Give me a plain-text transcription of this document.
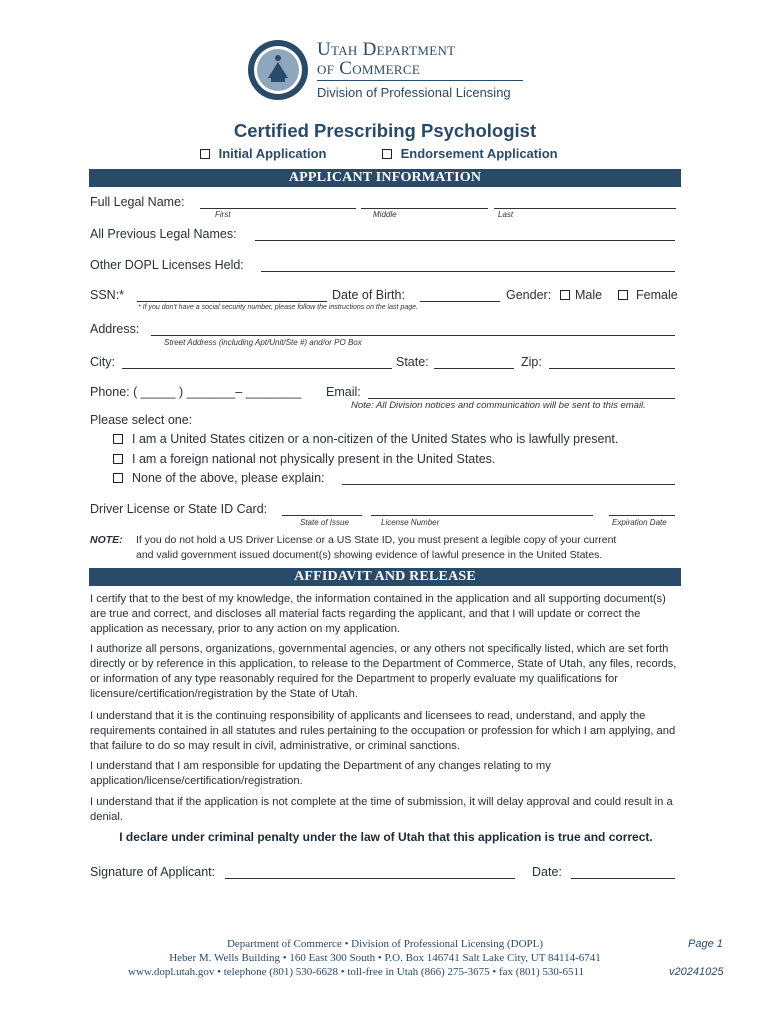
Utah Department
of Commerce
Division of Professional Licensing
Certified Prescribing Psychologist
Initial Application	Endorsement Application
APPLICANT INFORMATION
Full Legal Name:
First	Middle	Last
All Previous Legal Names:
Other DOPL Licenses Held:
SSN:*	Date of Birth:	Gender: Male	Female
* If you don't have a social security number, please follow the instructions on the last page.
Address:
Street Address (including Apt/Unit/Ste #) and/or PO Box
City:	State:	Zip:
Phone: ( _____ ) _______– ________ Email:
Note: All Division notices and communication will be sent to this email.
Please select one:
I am a United States citizen or a non-citizen of the United States who is lawfully present.
I am a foreign national not physically present in the United States.
None of the above, please explain:
Driver License or State ID Card:
State of Issue	License Number	Expiration Date
NOTE: If you do not hold a US Driver License or a US State ID, you must present a legible copy of your current
and valid government issued document(s) showing evidence of lawful presence in the United States.
AFFIDAVIT AND RELEASE
I certify that to the best of my knowledge, the information contained in the application and all supporting document(s) are true and correct, and discloses all material facts regarding the applicant, and that I will update or correct the application as necessary, prior to any action on my application.
I authorize all persons, organizations, governmental agencies, or any others not specifically listed, which are set forth directly or by reference in this application, to release to the Department of Commerce, State of Utah, any files, records, or information of any type reasonably required for the Department to properly evaluate my qualifications for licensure/certification/registration by the State of Utah.
I understand that it is the continuing responsibility of applicants and licensees to read, understand, and apply the requirements contained in all statutes and rules pertaining to the occupation or profession for which I am applying, and that failure to do so may result in civil, administrative, or criminal sanctions.
I understand that I am responsible for updating the Department of any changes relating to my application/license/certification/registration.
I understand that if the application is not complete at the time of submission, it will delay approval and could result in a denial.
I declare under criminal penalty under the law of Utah that this application is true and correct.
Signature of Applicant:	Date:
Department of Commerce • Division of Professional Licensing (DOPL)
Heber M. Wells Building • 160 East 300 South • P.O. Box 146741 Salt Lake City, UT 84114-6741
www.dopl.utah.gov • telephone (801) 530-6628 • toll-free in Utah (866) 275-3675 • fax (801) 530-6511
Page 1
v20241025
